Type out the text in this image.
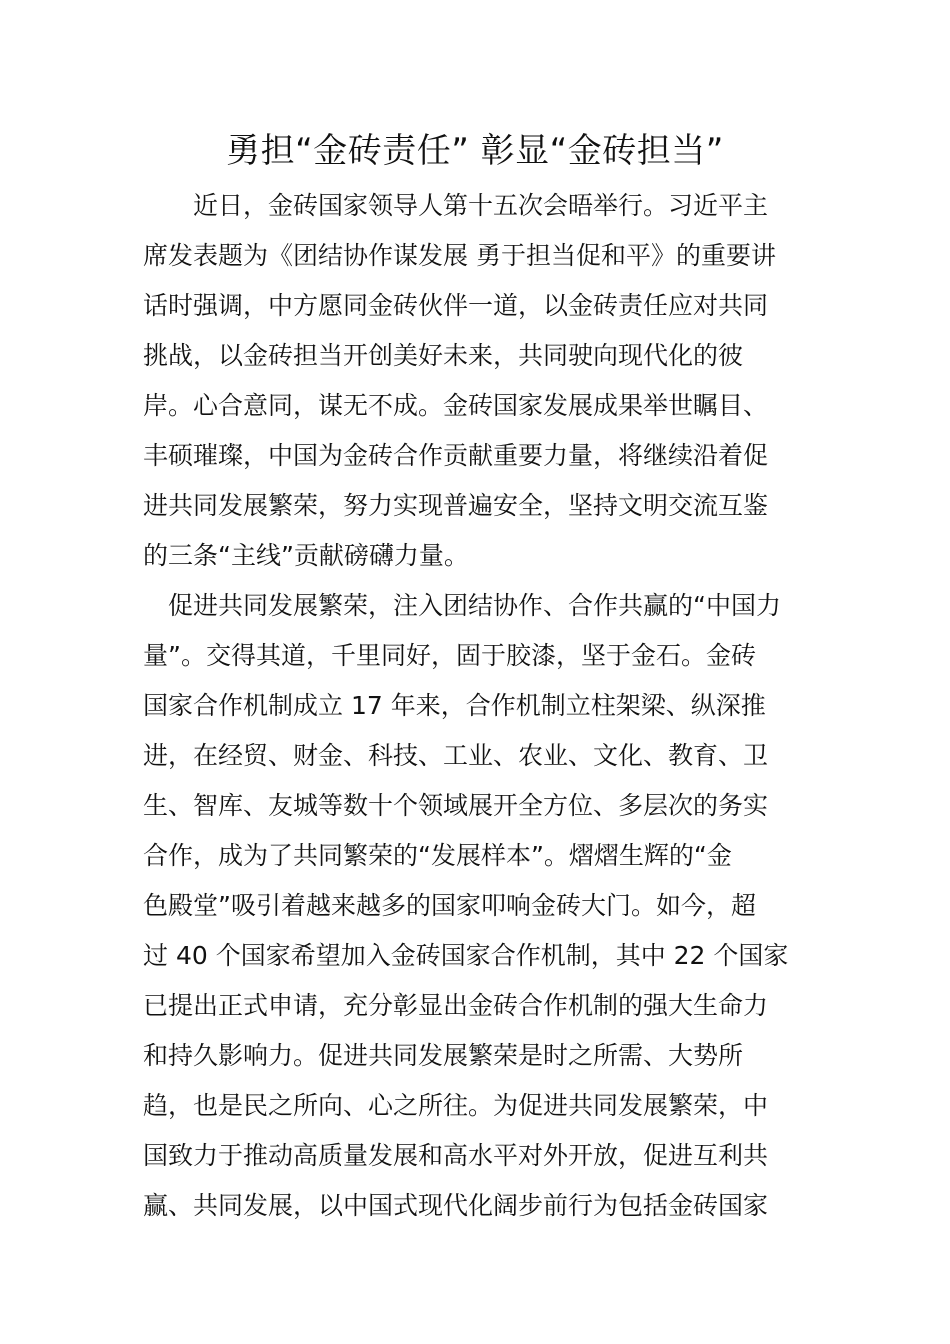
勇担“金砖责任” 彰显“金砖担当”
　　近日，金砖国家领导人第十五次会晤举行。习近平主
席发表题为《团结协作谋发展 勇于担当促和平》的重要讲
话时强调，中方愿同金砖伙伴一道，以金砖责任应对共同
挑战，以金砖担当开创美好未来，共同驶向现代化的彼
岸。心合意同，谋无不成。金砖国家发展成果举世瞩目、
丰硕璀璨，中国为金砖合作贡献重要力量，将继续沿着促
进共同发展繁荣，努力实现普遍安全，坚持文明交流互鉴
的三条“主线”贡献磅礴力量。
　促进共同发展繁荣，注入团结协作、合作共赢的“中国力
量”。交得其道，千里同好，固于胶漆，坚于金石。金砖
国家合作机制成立 17 年来，合作机制立柱架梁、纵深推
进，在经贸、财金、科技、工业、农业、文化、教育、卫
生、智库、友城等数十个领域展开全方位、多层次的务实
合作，成为了共同繁荣的“发展样本”。熠熠生辉的“金
色殿堂”吸引着越来越多的国家叩响金砖大门。如今，超
过 40 个国家希望加入金砖国家合作机制，其中 22 个国家
已提出正式申请，充分彰显出金砖合作机制的强大生命力
和持久影响力。促进共同发展繁荣是时之所需、大势所
趋，也是民之所向、心之所往。为促进共同发展繁荣，中
国致力于推动高质量发展和高水平对外开放，促进互利共
赢、共同发展，以中国式现代化阔步前行为包括金砖国家
